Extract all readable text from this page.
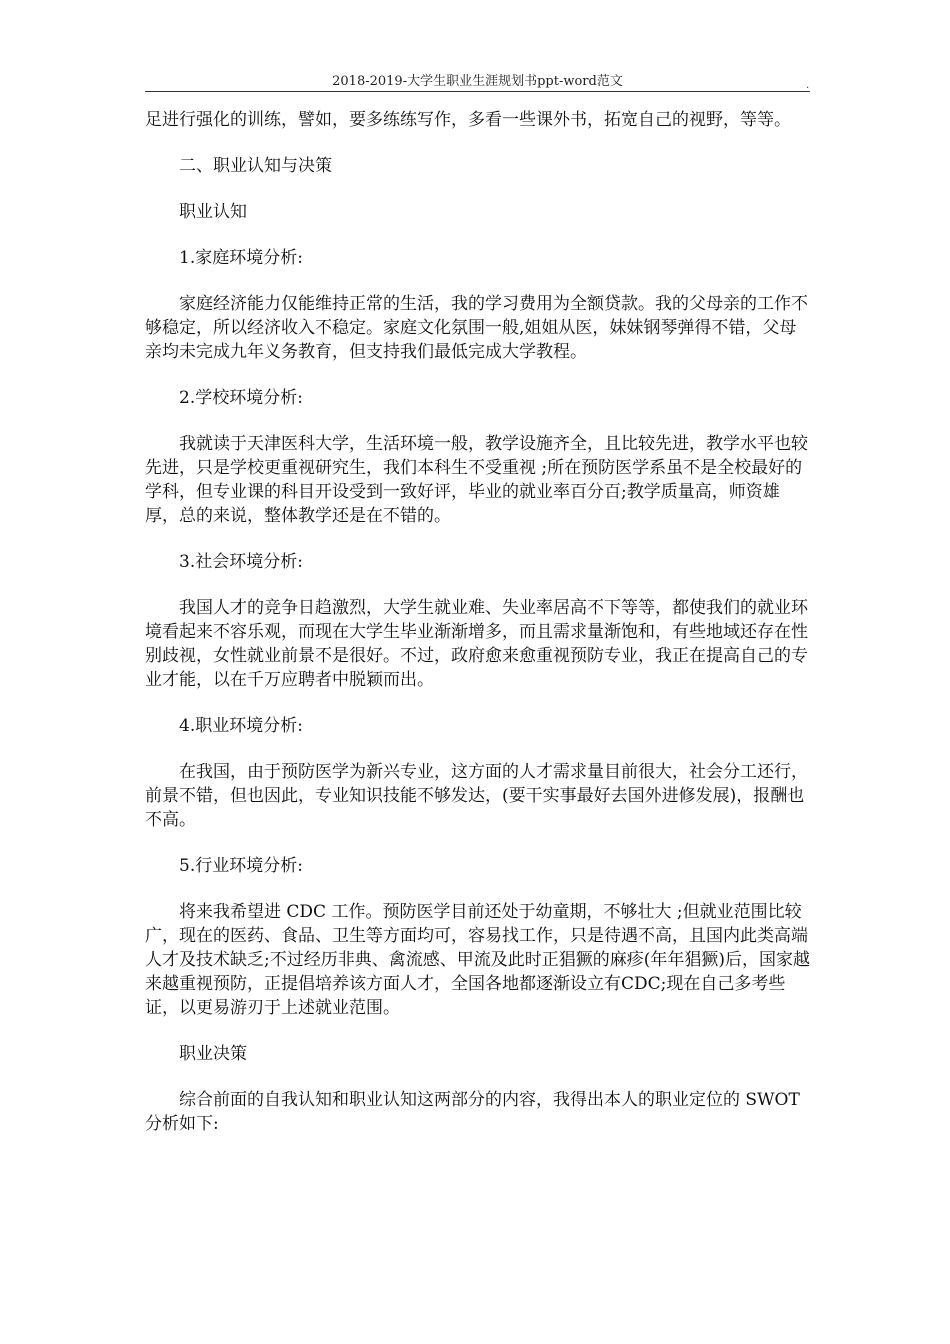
2018-2019-大学生职业生涯规划书ppt-word范文	.

足进行强化的训练，譬如，要多练练写作，多看一些课外书，拓宽自己的视野，等等。

二、职业认知与决策

职业认知

1.家庭环境分析:

家庭经济能力仅能维持正常的生活，我的学习费用为全额贷款。我的父母亲的工作不够稳定，所以经济收入不稳定。家庭文化氛围一般,姐姐从医，妹妹钢琴弹得不错，父母亲均未完成九年义务教育，但支持我们最低完成大学教程。

2.学校环境分析:

我就读于天津医科大学，生活环境一般，教学设施齐全，且比较先进，教学水平也较先进，只是学校更重视研究生，我们本科生不受重视 ;所在预防医学系虽不是全校最好的学科，但专业课的科目开设受到一致好评，毕业的就业率百分百;教学质量高，师资雄厚，总的来说，整体教学还是在不错的。

3.社会环境分析:

我国人才的竞争日趋激烈，大学生就业难、失业率居高不下等等，都使我们的就业环境看起来不容乐观，而现在大学生毕业渐渐增多，而且需求量渐饱和，有些地域还存在性别歧视，女性就业前景不是很好。不过，政府愈来愈重视预防专业，我正在提高自己的专业才能，以在千万应聘者中脱颖而出。

4.职业环境分析:

在我国，由于预防医学为新兴专业，这方面的人才需求量目前很大，社会分工还行，前景不错，但也因此，专业知识技能不够发达，(要干实事最好去国外进修发展)，报酬也不高。

5.行业环境分析:

将来我希望进 CDC 工作。预防医学目前还处于幼童期，不够壮大 ;但就业范围比较广，现在的医药、食品、卫生等方面均可，容易找工作，只是待遇不高，且国内此类高端人才及技术缺乏;不过经历非典、禽流感、甲流及此时正猖獗的麻疹(年年猖獗)后，国家越来越重视预防，正提倡培养该方面人才，全国各地都逐渐设立有CDC;现在自己多考些证，以更易游刃于上述就业范围。

职业决策

综合前面的自我认知和职业认知这两部分的内容，我得出本人的职业定位的 SWOT 分析如下:
